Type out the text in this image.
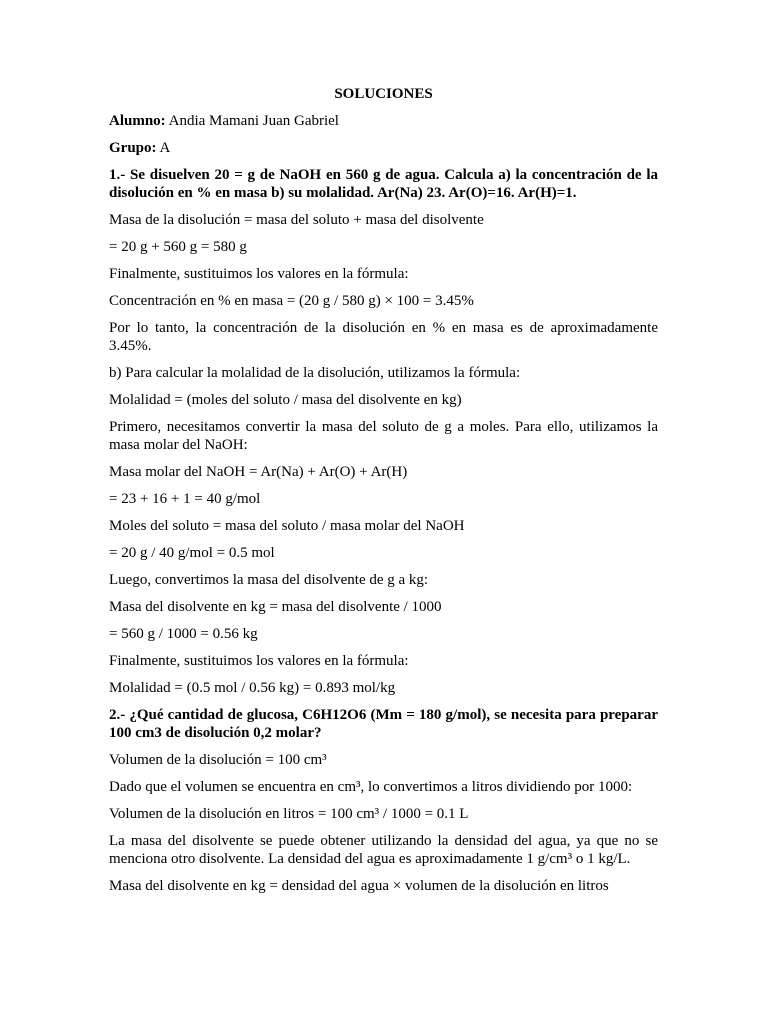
SOLUCIONES

Alumno: Andia Mamani Juan Gabriel

Grupo: A

1.- Se disuelven 20 = g de NaOH en 560 g de agua. Calcula a) la concentración de la disolución en % en masa b) su molalidad. Ar(Na) 23. Ar(O)=16. Ar(H)=1.

Masa de la disolución = masa del soluto + masa del disolvente

= 20 g + 560 g = 580 g

Finalmente, sustituimos los valores en la fórmula:

Concentración en % en masa = (20 g / 580 g) × 100 = 3.45%

Por lo tanto, la concentración de la disolución en % en masa es de aproximadamente 3.45%.

b) Para calcular la molalidad de la disolución, utilizamos la fórmula:

Molalidad = (moles del soluto / masa del disolvente en kg)

Primero, necesitamos convertir la masa del soluto de g a moles. Para ello, utilizamos la masa molar del NaOH:

Masa molar del NaOH = Ar(Na) + Ar(O) + Ar(H)

= 23 + 16 + 1 = 40 g/mol

Moles del soluto = masa del soluto / masa molar del NaOH

= 20 g / 40 g/mol = 0.5 mol

Luego, convertimos la masa del disolvente de g a kg:

Masa del disolvente en kg = masa del disolvente / 1000

= 560 g / 1000 = 0.56 kg

Finalmente, sustituimos los valores en la fórmula:

Molalidad = (0.5 mol / 0.56 kg) = 0.893 mol/kg

2.- ¿Qué cantidad de glucosa, C6H12O6 (Mm = 180 g/mol), se necesita para preparar 100 cm3 de disolución 0,2 molar?

Volumen de la disolución = 100 cm³

Dado que el volumen se encuentra en cm³, lo convertimos a litros dividiendo por 1000:

Volumen de la disolución en litros = 100 cm³ / 1000 = 0.1 L

La masa del disolvente se puede obtener utilizando la densidad del agua, ya que no se menciona otro disolvente. La densidad del agua es aproximadamente 1 g/cm³ o 1 kg/L.

Masa del disolvente en kg = densidad del agua × volumen de la disolución en litros
